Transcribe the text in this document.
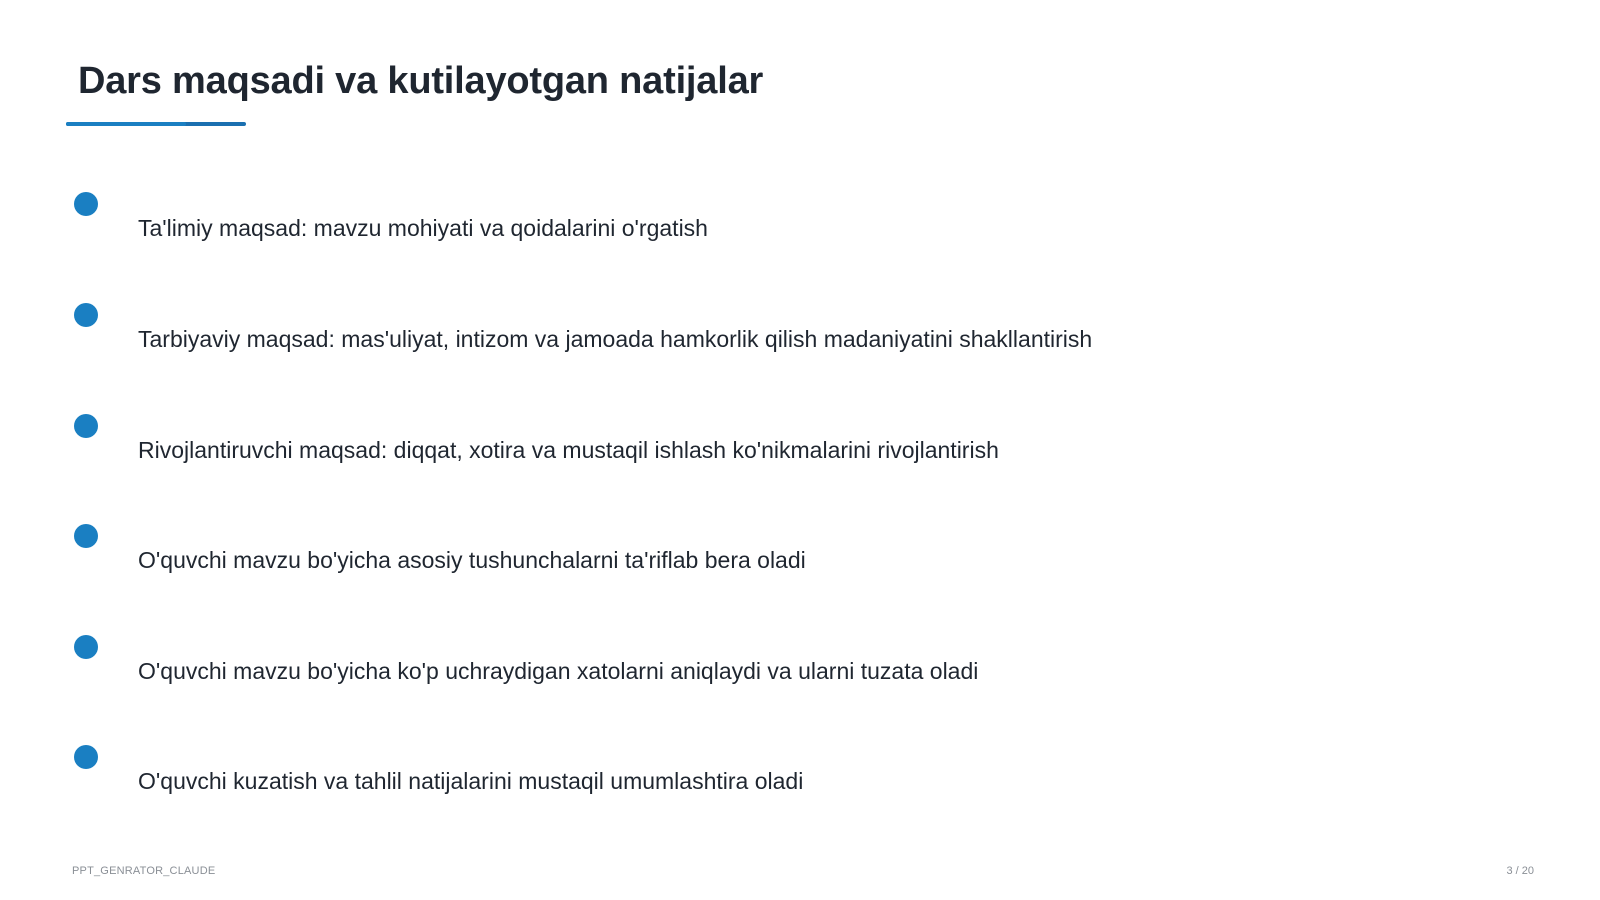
Dars maqsadi va kutilayotgan natijalar
Ta'limiy maqsad: mavzu mohiyati va qoidalarini o'rgatish
Tarbiyaviy maqsad: mas'uliyat, intizom va jamoada hamkorlik qilish madaniyatini shakllantirish
Rivojlantiruvchi maqsad: diqqat, xotira va mustaqil ishlash ko'nikmalarini rivojlantirish
O'quvchi mavzu bo'yicha asosiy tushunchalarni ta'riflab bera oladi
O'quvchi mavzu bo'yicha ko'p uchraydigan xatolarni aniqlaydi va ularni tuzata oladi
O'quvchi kuzatish va tahlil natijalarini mustaqil umumlashtira oladi
PPT_GENRATOR_CLAUDE	3 / 20
